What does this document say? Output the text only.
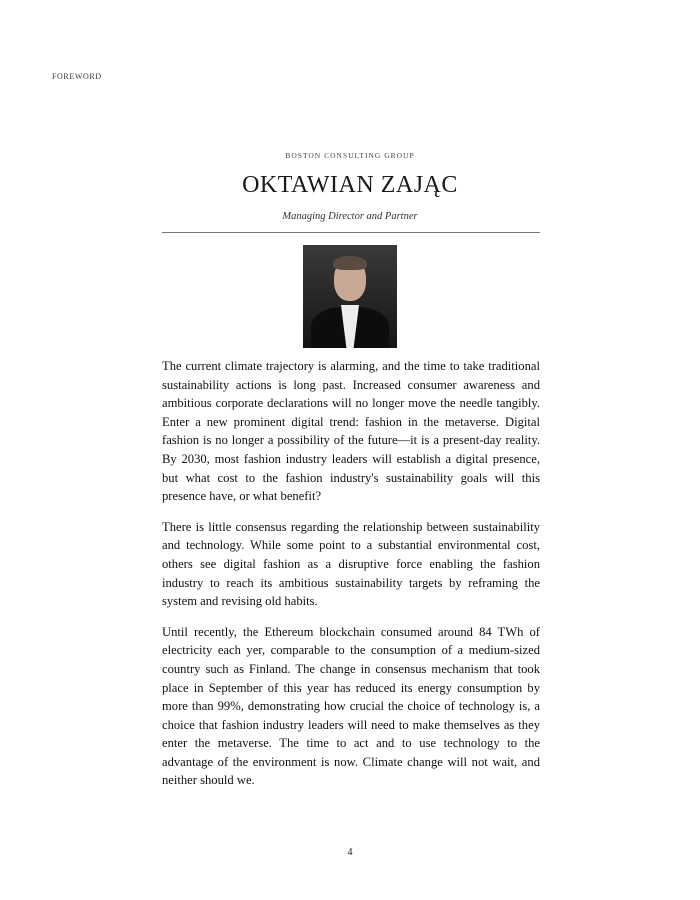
FOREWORD
BOSTON CONSULTING GROUP
OKTAWIAN ZAJĄC
Managing Director and Partner

The current climate trajectory is alarming, and the time to take traditional sustainability actions is long past. Increased consumer awareness and ambitious corporate declarations will no longer move the needle tangibly. Enter a new prominent digital trend: fashion in the metaverse. Digital fashion is no longer a possibility of the future—it is a present-day reality. By 2030, most fashion industry leaders will establish a digital presence, but what cost to the fashion industry's sustainability goals will this presence have, or what benefit?

There is little consensus regarding the relationship between sustainability and technology. While some point to a substantial environmental cost, others see digital fashion as a disruptive force enabling the fashion industry to reach its ambitious sustainability targets by reframing the system and revising old habits.

Until recently, the Ethereum blockchain consumed around 84 TWh of electricity each yer, comparable to the consumption of a medium-sized country such as Finland. The change in consensus mechanism that took place in September of this year has reduced its energy consumption by more than 99%, demonstrating how crucial the choice of technology is, a choice that fashion industry leaders will need to make themselves as they enter the metaverse. The time to act and to use technology to the advantage of the environment is now. Climate change will not wait, and neither should we.

4
